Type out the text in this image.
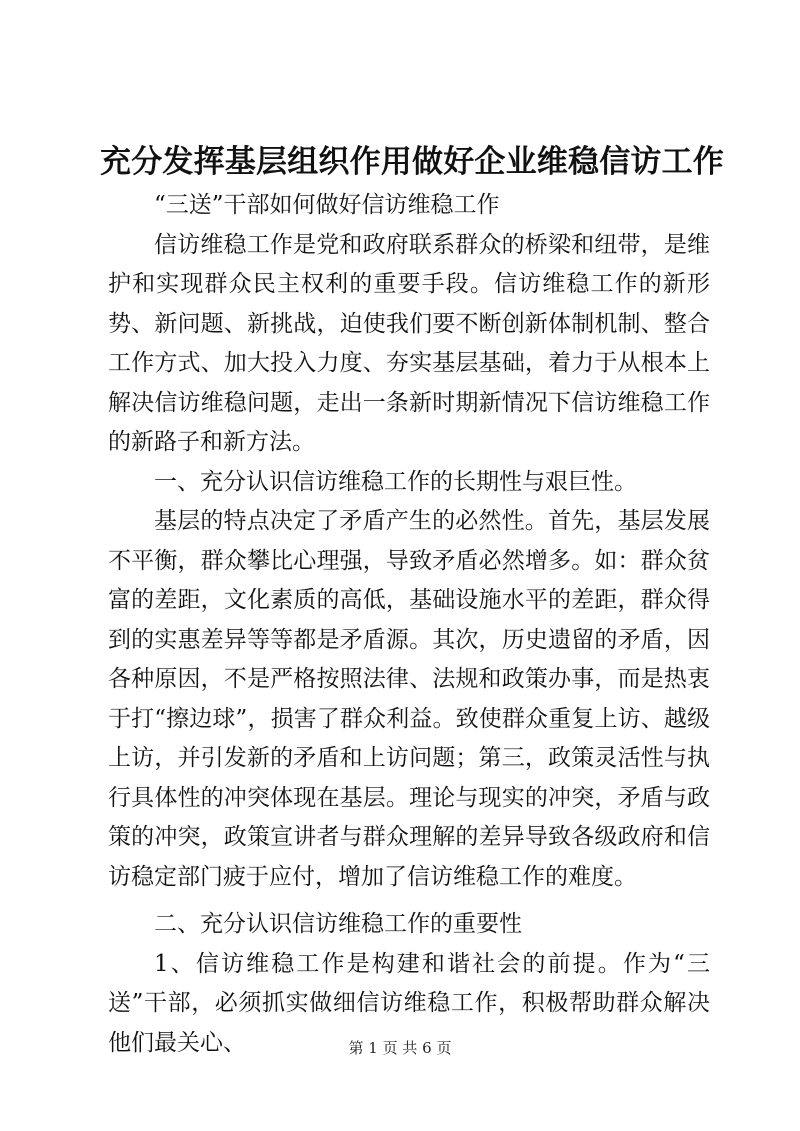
充分发挥基层组织作用做好企业维稳信访工作

“三送”干部如何做好信访维稳工作

信访维稳工作是党和政府联系群众的桥梁和纽带，是维护和实现群众民主权利的重要手段。信访维稳工作的新形势、新问题、新挑战，迫使我们要不断创新体制机制、整合工作方式、加大投入力度、夯实基层基础，着力于从根本上解决信访维稳问题，走出一条新时期新情况下信访维稳工作的新路子和新方法。

一、充分认识信访维稳工作的长期性与艰巨性。

基层的特点决定了矛盾产生的必然性。首先，基层发展不平衡，群众攀比心理强，导致矛盾必然增多。如：群众贫富的差距，文化素质的高低，基础设施水平的差距，群众得到的实惠差异等等都是矛盾源。其次，历史遗留的矛盾，因各种原因，不是严格按照法律、法规和政策办事，而是热衷于打“擦边球”，损害了群众利益。致使群众重复上访、越级上访，并引发新的矛盾和上访问题；第三，政策灵活性与执行具体性的冲突体现在基层。理论与现实的冲突，矛盾与政策的冲突，政策宣讲者与群众理解的差异导致各级政府和信访稳定部门疲于应付，增加了信访维稳工作的难度。

二、充分认识信访维稳工作的重要性

1、信访维稳工作是构建和谐社会的前提。作为“三送”干部，必须抓实做细信访维稳工作，积极帮助群众解决他们最关心、	第 1 页 共 6 页
